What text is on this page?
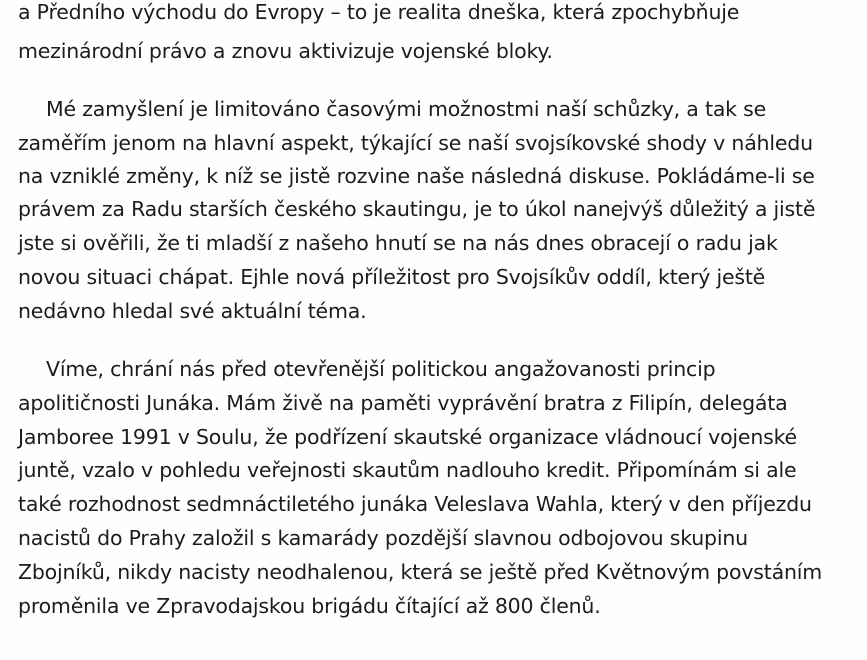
a Předního východu do Evropy – to je realita dneška, která zpochybňuje
mezinárodní právo a znovu aktivizuje vojenské bloky.
Mé zamyšlení je limitováno časovými možnostmi naší schůzky, a tak se
zaměřím jenom na hlavní aspekt, týkající se naší svojsíkovské shody v náhledu
na vzniklé změny, k níž se jistě rozvine naše následná diskuse. Pokládáme-li se
právem za Radu starších českého skautingu, je to úkol nanejvýš důležitý a jistě
jste si ověřili, že ti mladší z našeho hnutí se na nás dnes obracejí o radu jak
novou situaci chápat. Ejhle nová příležitost pro Svojsíkův oddíl, který ještě
nedávno hledal své aktuální téma.
Víme, chrání nás před otevřenější politickou angažovanosti princip
apolitičnosti Junáka. Mám živě na paměti vyprávění bratra z Filipín, delegáta
Jamboree 1991 v Soulu, že podřízení skautské organizace vládnoucí vojenské
juntě, vzalo v pohledu veřejnosti skautům nadlouho kredit. Připomínám si ale
také rozhodnost sedmnáctiletého junáka Veleslava Wahla, který v den příjezdu
nacistů do Prahy založil s kamarády pozdější slavnou odbojovou skupinu
Zbojníků, nikdy nacisty neodhalenou, která se ještě před Květnovým povstáním
proměnila ve Zpravodajskou brigádu čítající až 800 členů.
